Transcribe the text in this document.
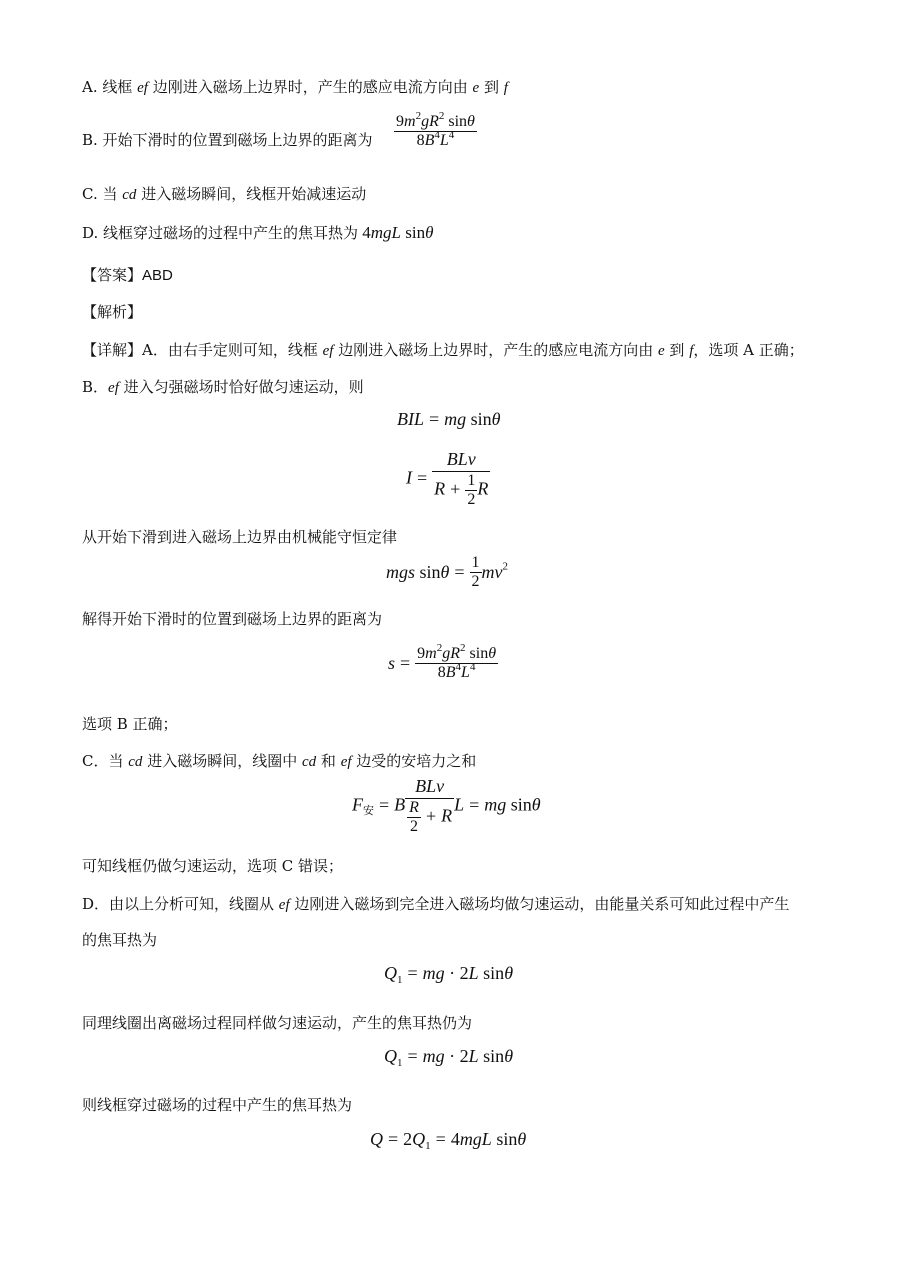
A. 线框 ef 边刚进入磁场上边界时，产生的感应电流方向由 e 到 f
B. 开始下滑时的位置到磁场上边界的距离为 $\frac{9m^2gR^2 \sin\theta}{8B^4L^4}$
C. 当 cd 进入磁场瞬间，线框开始减速运动
D. 线框穿过磁场的过程中产生的焦耳热为 4mgL sinθ
【答案】ABD
【解析】
【详解】A．由右手定则可知，线框 ef 边刚进入磁场上边界时，产生的感应电流方向由 e 到 f，选项 A 正确；
B．ef 进入匀强磁场时恰好做匀速运动，则
BIL = mg sinθ
$I = \frac{\text{BLv}}{R + \frac{1}{2} R}$
从开始下滑到进入磁场上边界由机械能守恒定律
mgs $\sin\theta = \frac{1}{2} mv^2$
解得开始下滑时的位置到磁场上边界的距离为
$s = \frac{9m^2gR^2 \sin\theta}{8B^4L^4}$
选项 B 正确；
C．当 cd 进入磁场瞬间，线圈中 cd 和 ef 边受的安培力之和
$F_安 = B \frac{\text{BLv}}{\frac{R}{2} + R}$ L = mg sinθ
可知线框仍做匀速运动，选项 C 错误；
D．由以上分析可知，线圈从 ef 边刚进入磁场到完全进入磁场均做匀速运动，由能量关系可知此过程中产生
的焦耳热为
$Q_1$ = mg · 2L sinθ
同理线圈出离磁场过程同样做匀速运动，产生的焦耳热仍为
$Q_1$ = mg · 2L sinθ
则线框穿过磁场的过程中产生的焦耳热为
$Q = 2Q_1 = 4mgL$ sinθ
